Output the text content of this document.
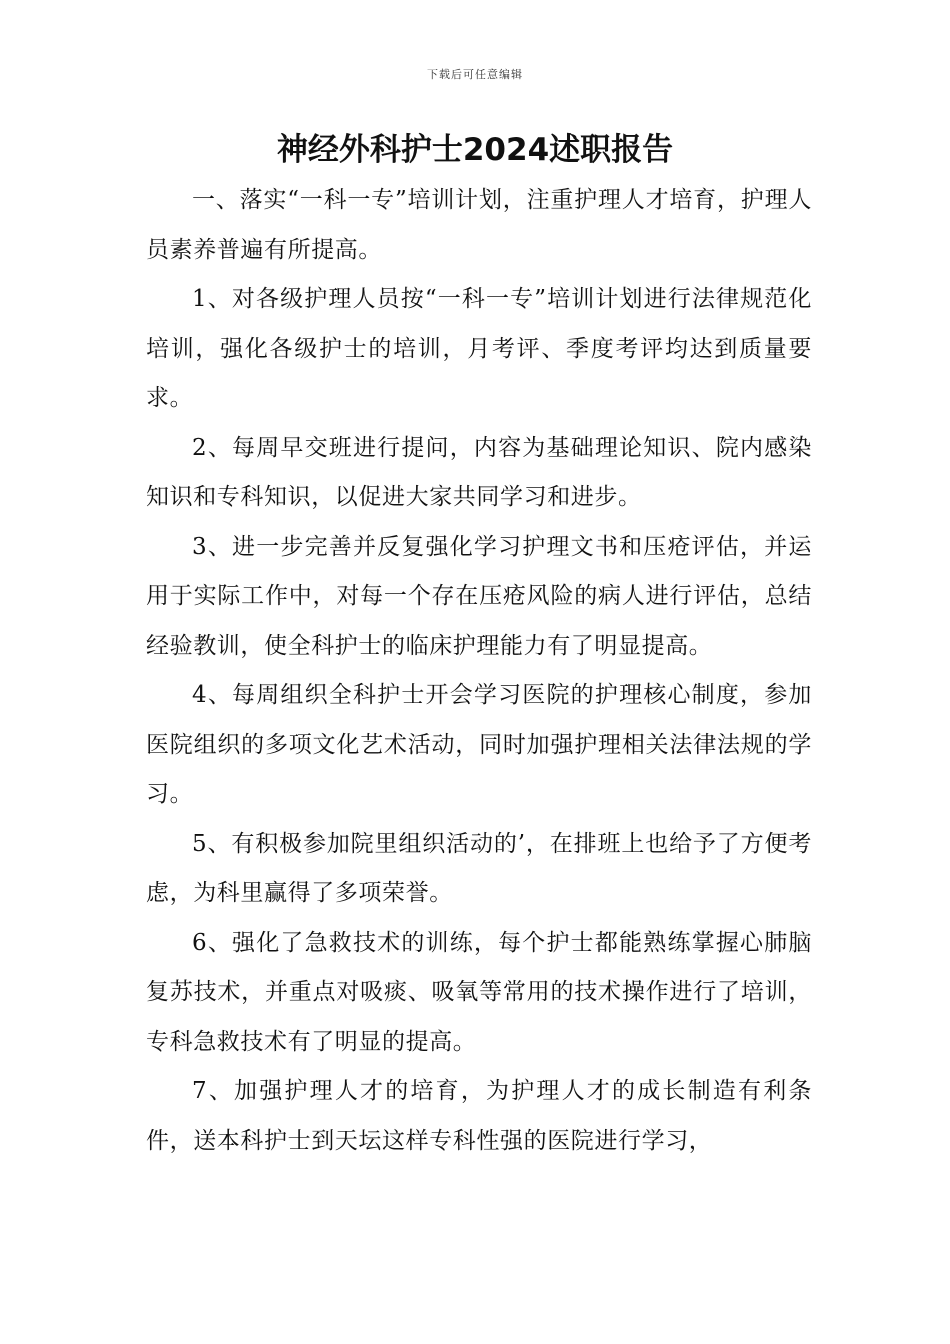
下载后可任意编辑
神经外科护士2024述职报告

一、落实“一科一专”培训计划，注重护理人才培育，护理人员素养普遍有所提高。

1、对各级护理人员按“一科一专”培训计划进行法律规范化培训，强化各级护士的培训，月考评、季度考评均达到质量要求。

2、每周早交班进行提问，内容为基础理论知识、院内感染知识和专科知识，以促进大家共同学习和进步。

3、进一步完善并反复强化学习护理文书和压疮评估，并运用于实际工作中，对每一个存在压疮风险的病人进行评估，总结经验教训，使全科护士的临床护理能力有了明显提高。

4、每周组织全科护士开会学习医院的护理核心制度，参加医院组织的多项文化艺术活动，同时加强护理相关法律法规的学习。

5、有积极参加院里组织活动的’，在排班上也给予了方便考虑，为科里赢得了多项荣誉。

6、强化了急救技术的训练，每个护士都能熟练掌握心肺脑复苏技术，并重点对吸痰、吸氧等常用的技术操作进行了培训，专科急救技术有了明显的提高。

7、加强护理人才的培育，为护理人才的成长制造有利条件，送本科护士到天坛这样专科性强的医院进行学习，
